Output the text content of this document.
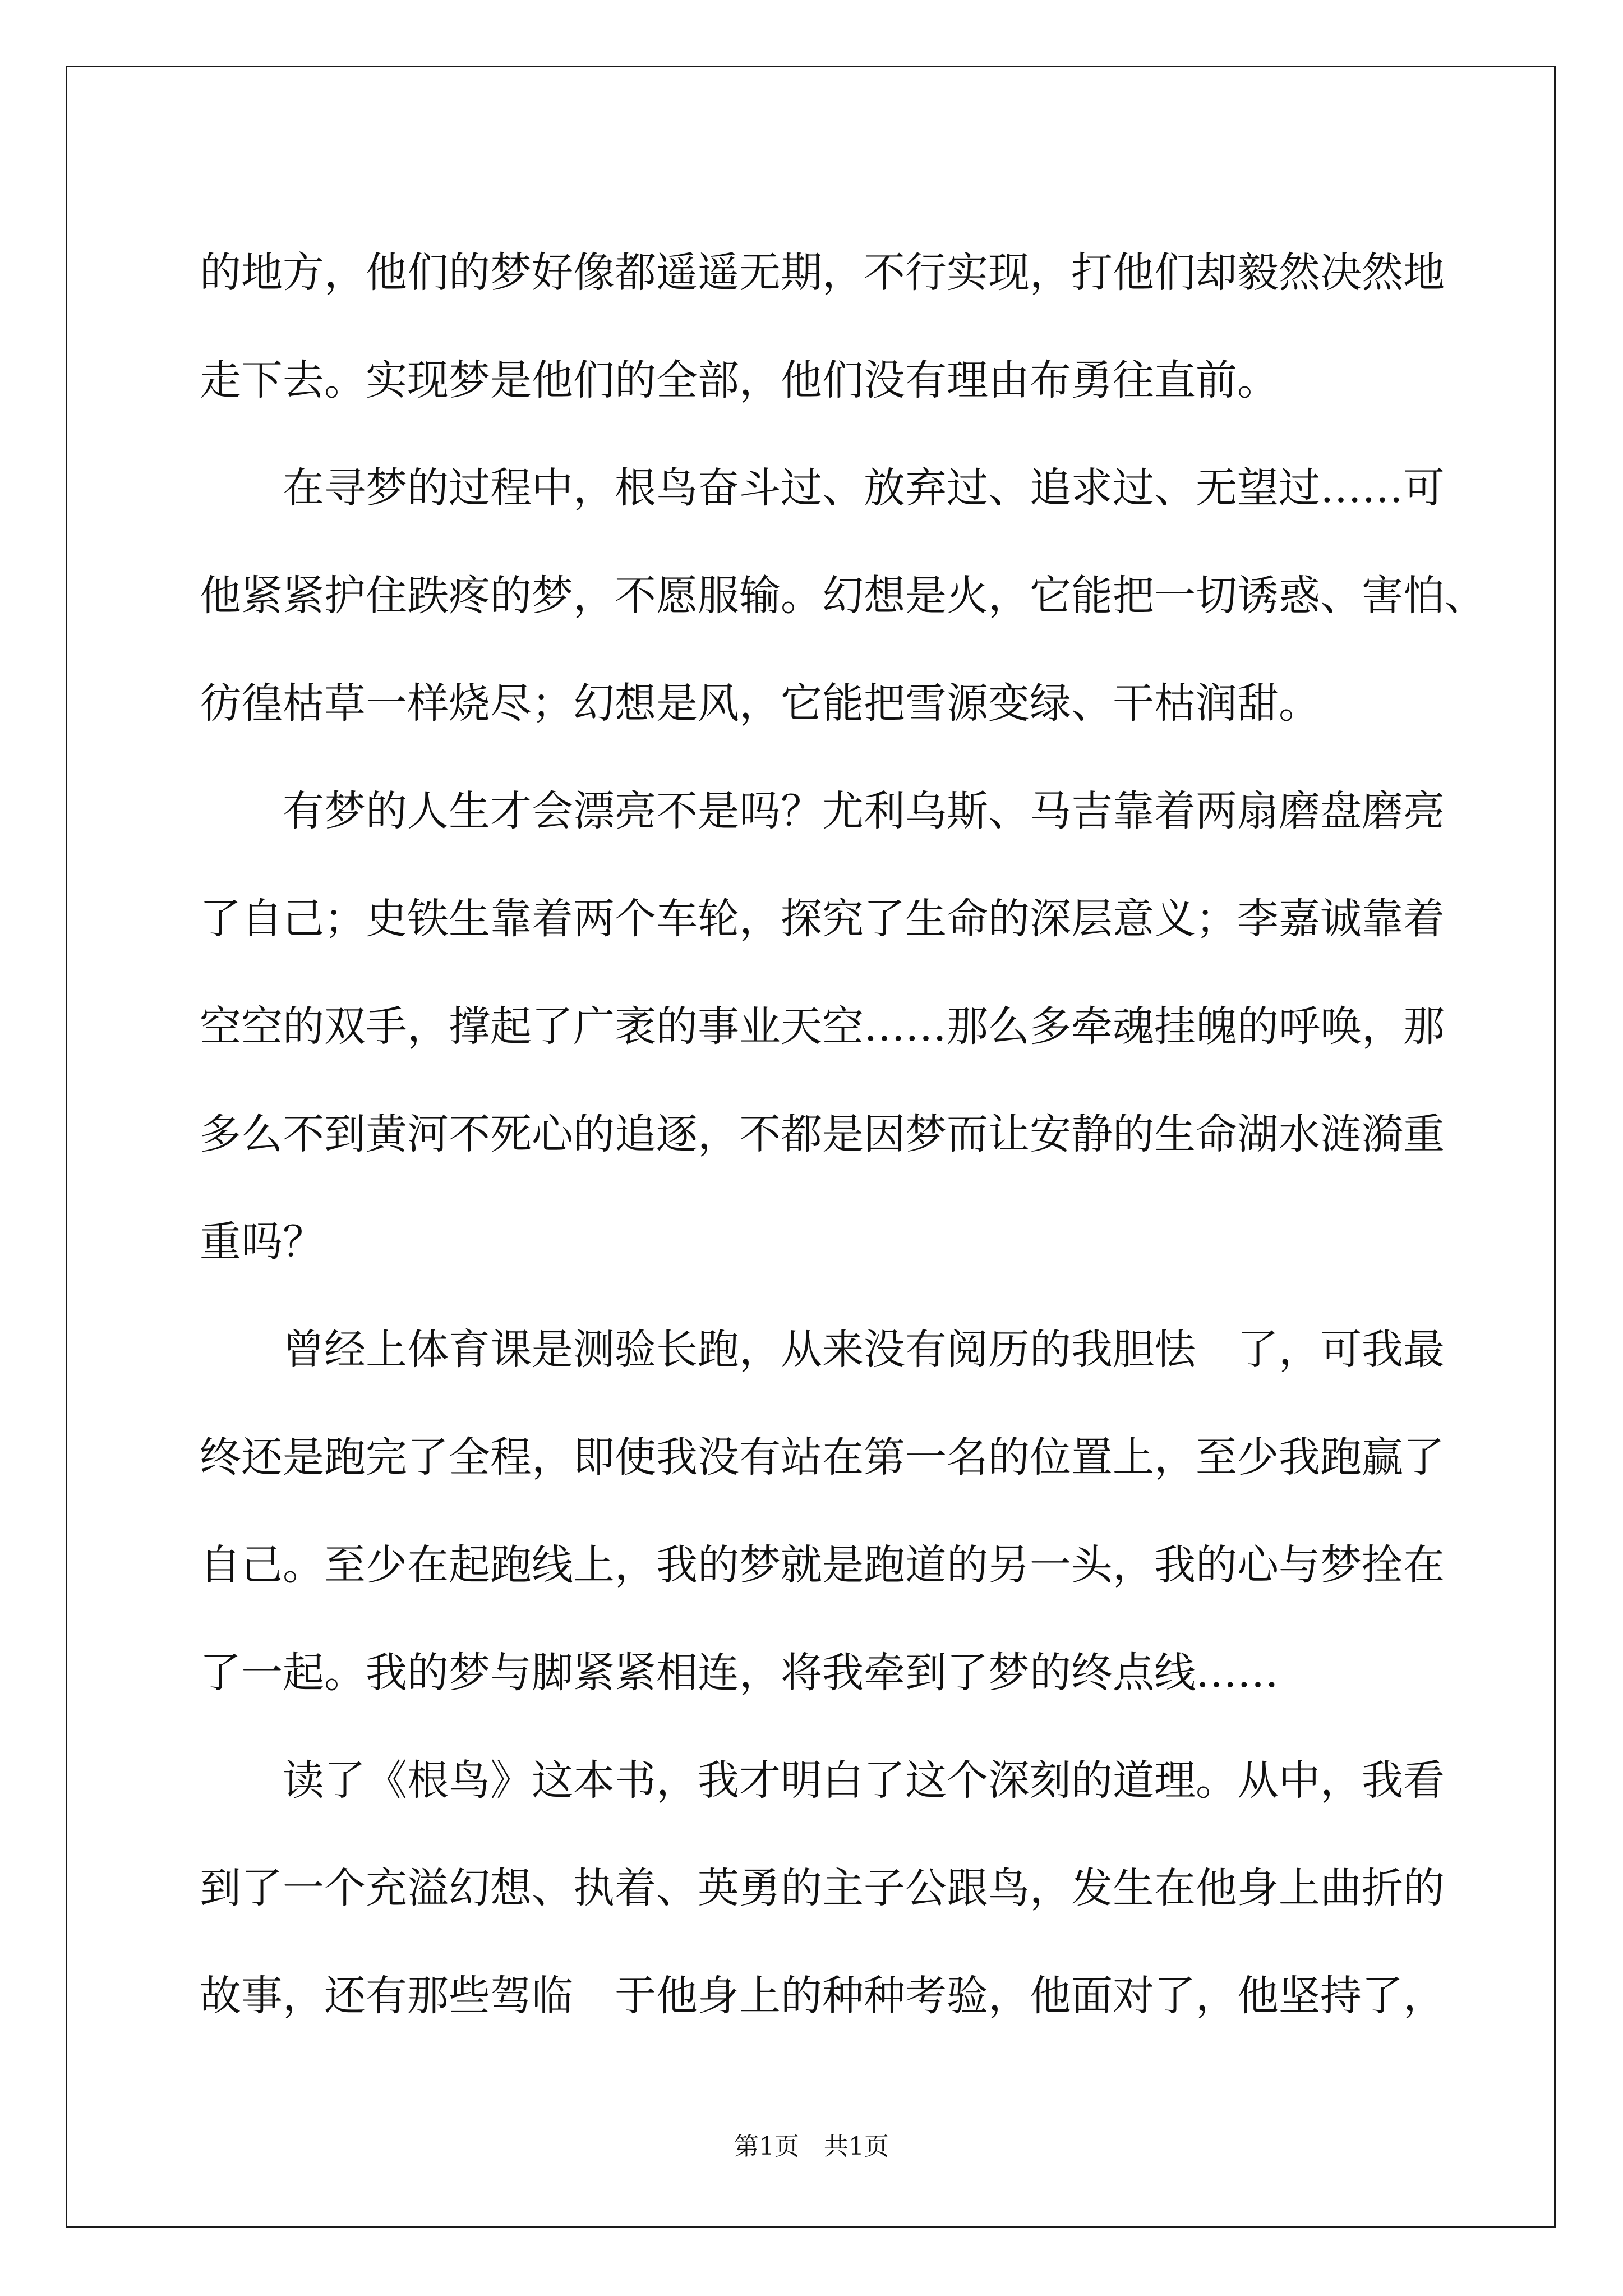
的地方，他们的梦好像都遥遥无期，不行实现，打他们却毅然决然地
走下去。实现梦是他们的全部，他们没有理由布勇往直前。
在寻梦的过程中，根鸟奋斗过、放弃过、追求过、无望过……可
他紧紧护住跌疼的梦，不愿服输。幻想是火，它能把一切诱惑、害怕、
彷徨枯草一样烧尽；幻想是风，它能把雪源变绿、干枯润甜。
有梦的人生才会漂亮不是吗？尤利乌斯、马吉靠着两扇磨盘磨亮
了自己；史铁生靠着两个车轮，探究了生命的深层意义；李嘉诚靠着
空空的双手，撑起了广袤的事业天空……那么多牵魂挂魄的呼唤，那
多么不到黄河不死心的追逐，不都是因梦而让安静的生命湖水涟漪重
重吗？
曾经上体育课是测验长跑，从来没有阅历的我胆怯　了，可我最
终还是跑完了全程，即使我没有站在第一名的位置上，至少我跑赢了
自己。至少在起跑线上，我的梦就是跑道的另一头，我的心与梦拴在
了一起。我的梦与脚紧紧相连，将我牵到了梦的终点线……
读了《根鸟》这本书，我才明白了这个深刻的道理。从中，我看
到了一个充溢幻想、执着、英勇的主子公跟鸟，发生在他身上曲折的
故事，还有那些驾临　于他身上的种种考验，他面对了，他坚持了，
第1页　共1页
